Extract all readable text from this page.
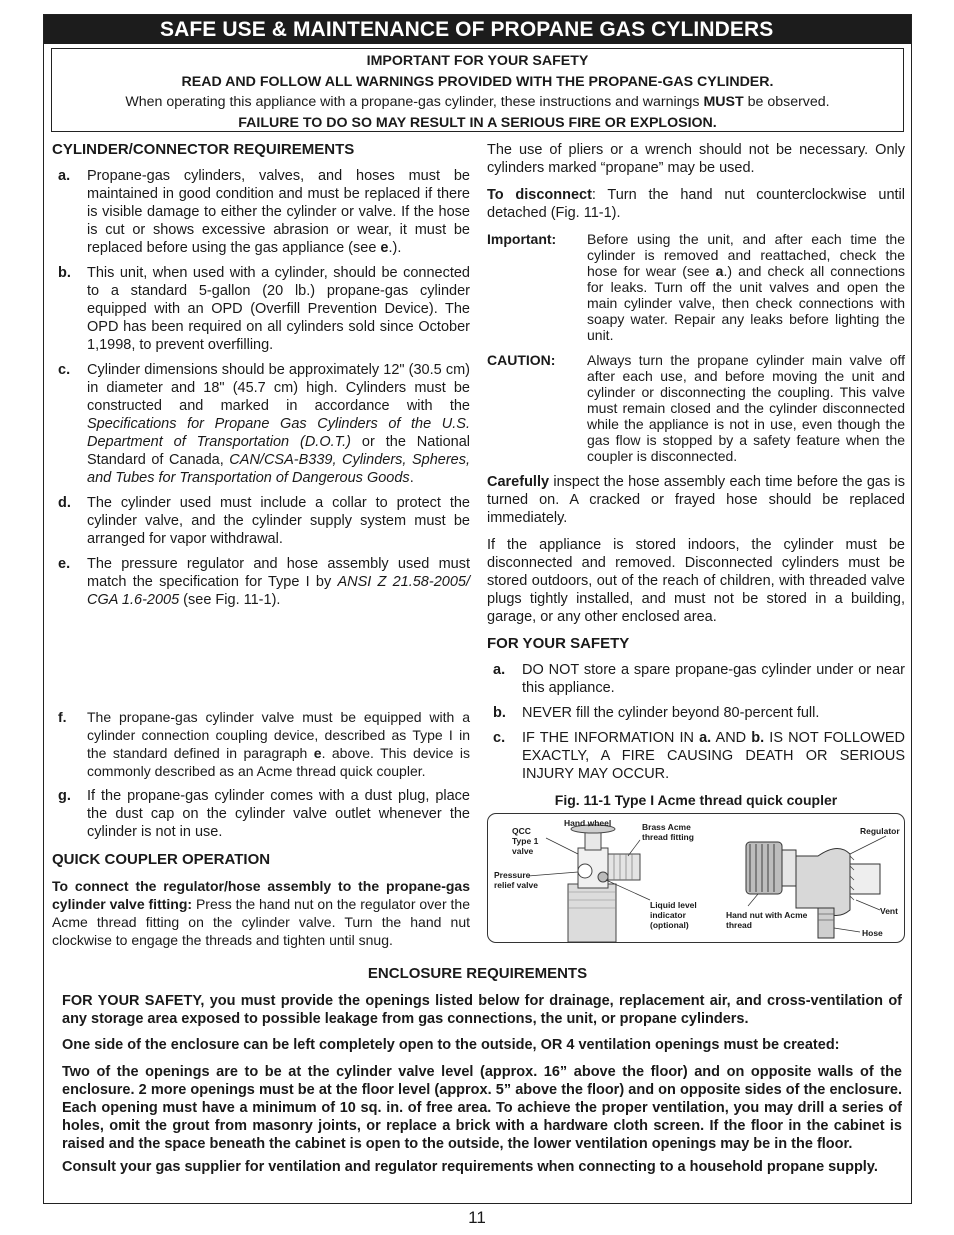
SAFE USE & MAINTENANCE OF PROPANE GAS CYLINDERS
IMPORTANT FOR YOUR SAFETY
READ AND FOLLOW ALL WARNINGS PROVIDED WITH THE PROPANE-GAS CYLINDER.
When operating this appliance with a propane-gas cylinder, these instructions and warnings MUST be observed.
FAILURE TO DO SO MAY RESULT IN A SERIOUS FIRE OR EXPLOSION.
CYLINDER/CONNECTOR REQUIREMENTS
a. Propane-gas cylinders, valves, and hoses must be maintained in good condition and must be replaced if there is visible damage to either the cylinder or valve. If the hose is cut or shows excessive abrasion or wear, it must be replaced before using the gas appliance (see e.).
b. This unit, when used with a cylinder, should be connected to a standard 5-gallon (20 lb.) propane-gas cylinder equipped with an OPD (Overfill Prevention Device). The OPD has been required on all cylinders sold since October 1,1998, to prevent overfilling.
c. Cylinder dimensions should be approximately 12" (30.5 cm) in diameter and 18" (45.7 cm) high. Cylinders must be constructed and marked in accordance with the Specifications for Propane Gas Cylinders of the U.S. Department of Transportation (D.O.T.) or the National Standard of Canada, CAN/CSA-B339, Cylinders, Spheres, and Tubes for Transportation of Dangerous Goods.
d. The cylinder used must include a collar to protect the cylinder valve, and the cylinder supply system must be arranged for vapor withdrawal.
e. The pressure regulator and hose assembly used must match the specification for Type I by ANSI Z 21.58-2005/ CGA 1.6-2005 (see Fig. 11-1).
f. The propane-gas cylinder valve must be equipped with a cylinder connection coupling device, described as Type I in the standard defined in paragraph e. above. This device is commonly described as an Acme thread quick coupler.
g. If the propane-gas cylinder comes with a dust plug, place the dust cap on the cylinder valve outlet whenever the cylinder is not in use.
QUICK COUPLER OPERATION
To connect the regulator/hose assembly to the propane-gas cylinder valve fitting: Press the hand nut on the regulator over the Acme thread fitting on the cylinder valve. Turn the hand nut clockwise to engage the threads and tighten until snug.

The use of pliers or a wrench should not be necessary. Only cylinders marked “propane” may be used.

To disconnect: Turn the hand nut counterclockwise until detached (Fig. 11-1).

Important: Before using the unit, and after each time the cylinder is removed and reattached, check the hose for wear (see a.) and check all connections for leaks. Turn off the unit valves and open the main cylinder valve, then check connections with soapy water. Repair any leaks before lighting the unit.
CAUTION: Always turn the propane cylinder main valve off after each use, and before moving the unit and cylinder or disconnecting the coupling. This valve must remain closed and the cylinder disconnected while the appliance is not in use, even though the gas flow is stopped by a safety feature when the coupler is disconnected.

Carefully inspect the hose assembly each time before the gas is turned on. A cracked or frayed hose should be replaced immediately.

If the appliance is stored indoors, the cylinder must be disconnected and removed. Disconnected cylinders must be stored outdoors, out of the reach of children, with threaded valve plugs tightly installed, and must not be stored in a building, garage, or any other enclosed area.

FOR YOUR SAFETY
a. DO NOT store a spare propane-gas cylinder under or near this appliance.
b. NEVER fill the cylinder beyond 80-percent full.
c. IF THE INFORMATION IN a. AND b. IS NOT FOLLOWED EXACTLY, A FIRE CAUSING DEATH OR SERIOUS INJURY MAY OCCUR.
Fig. 11-1 Type I Acme thread quick coupler
QCC Type 1 valve
Hand wheel	Brass Acme thread fitting
Regulator
Pressure relief valve
Liquid level indicator (optional)
Hand nut with Acme thread
Vent
Hose
ENCLOSURE REQUIREMENTS

FOR YOUR SAFETY, you must provide the openings listed below for drainage, replacement air, and cross-ventilation of any storage area exposed to possible leakage from gas connections, the unit, or propane cylinders.

One side of the enclosure can be left completely open to the outside, OR 4 ventilation openings must be created:

Two of the openings are to be at the cylinder valve level (approx. 16” above the floor) and on opposite walls of the enclosure. 2 more openings must be at the floor level (approx. 5” above the floor) and on opposite sides of the enclosure. Each opening must have a minimum of 10 sq. in. of free area. To achieve the proper ventilation, you may drill a series of holes, omit the grout from masonry joints, or replace a brick with a hardware cloth screen. If the floor in the cabinet is raised and the space beneath the cabinet is open to the outside, the lower ventilation openings may be in the floor.

Consult your gas supplier for ventilation and regulator requirements when connecting to a household propane supply.

11
